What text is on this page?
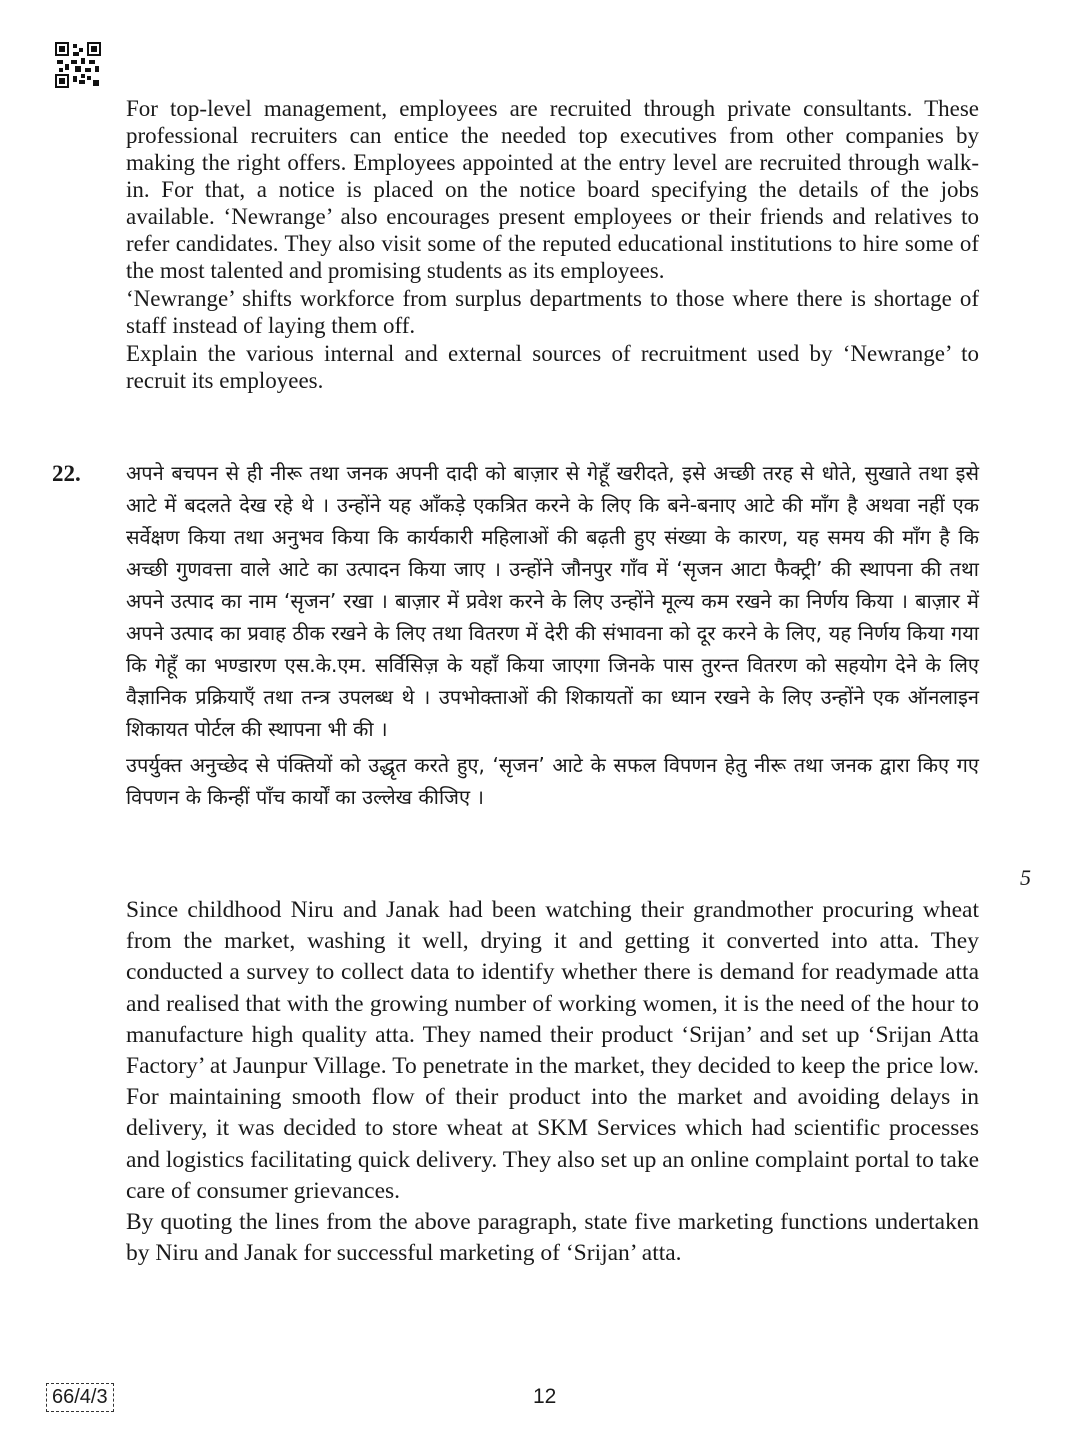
For top-level management, employees are recruited through private consultants. These professional recruiters can entice the needed top executives from other companies by making the right offers. Employees appointed at the entry level are recruited through walk-in. For that, a notice is placed on the notice board specifying the details of the jobs available. ‘Newrange’ also encourages present employees or their friends and relatives to refer candidates. They also visit some of the reputed educational institutions to hire some of the most talented and promising students as its employees.

‘Newrange’ shifts workforce from surplus departments to those where there is shortage of staff instead of laying them off.

Explain the various internal and external sources of recruitment used by ‘Newrange’ to recruit its employees.

22. अपने बचपन से ही नीरू तथा जनक अपनी दादी को बाज़ार से गेहूँ खरीदते, इसे अच्छी तरह से धोते, सुखाते तथा इसे आटे में बदलते देख रहे थे । उन्होंने यह आँकड़े एकत्रित करने के लिए कि बने-बनाए आटे की माँग है अथवा नहीं एक सर्वेक्षण किया तथा अनुभव किया कि कार्यकारी महिलाओं की बढ़ती हुए संख्या के कारण, यह समय की माँग है कि अच्छी गुणवत्ता वाले आटे का उत्पादन किया जाए । उन्होंने जौनपुर गाँव में ‘सृजन आटा फैक्ट्री’ की स्थापना की तथा अपने उत्पाद का नाम ‘सृजन’ रखा । बाज़ार में प्रवेश करने के लिए उन्होंने मूल्य कम रखने का निर्णय किया । बाज़ार में अपने उत्पाद का प्रवाह ठीक रखने के लिए तथा वितरण में देरी की संभावना को दूर करने के लिए, यह निर्णय किया गया कि गेहूँ का भण्डारण एस.के.एम. सर्विसिज़ के यहाँ किया जाएगा जिनके पास तुरन्त वितरण को सहयोग देने के लिए वैज्ञानिक प्रक्रियाएँ तथा तन्त्र उपलब्ध थे । उपभोक्ताओं की शिकायतों का ध्यान रखने के लिए उन्होंने एक ऑनलाइन शिकायत पोर्टल की स्थापना भी की ।

उपर्युक्त अनुच्छेद से पंक्तियों को उद्धृत करते हुए, ‘सृजन’ आटे के सफल विपणन हेतु नीरू तथा जनक द्वारा किए गए विपणन के किन्हीं पाँच कार्यों का उल्लेख कीजिए ।

5

Since childhood Niru and Janak had been watching their grandmother procuring wheat from the market, washing it well, drying it and getting it converted into atta. They conducted a survey to collect data to identify whether there is demand for readymade atta and realised that with the growing number of working women, it is the need of the hour to manufacture high quality atta. They named their product ‘Srijan’ and set up ‘Srijan Atta Factory’ at Jaunpur Village. To penetrate in the market, they decided to keep the price low. For maintaining smooth flow of their product into the market and avoiding delays in delivery, it was decided to store wheat at SKM Services which had scientific processes and logistics facilitating quick delivery. They also set up an online complaint portal to take care of consumer grievances.

By quoting the lines from the above paragraph, state five marketing functions undertaken by Niru and Janak for successful marketing of ‘Srijan’ atta.

66/4/3	12
